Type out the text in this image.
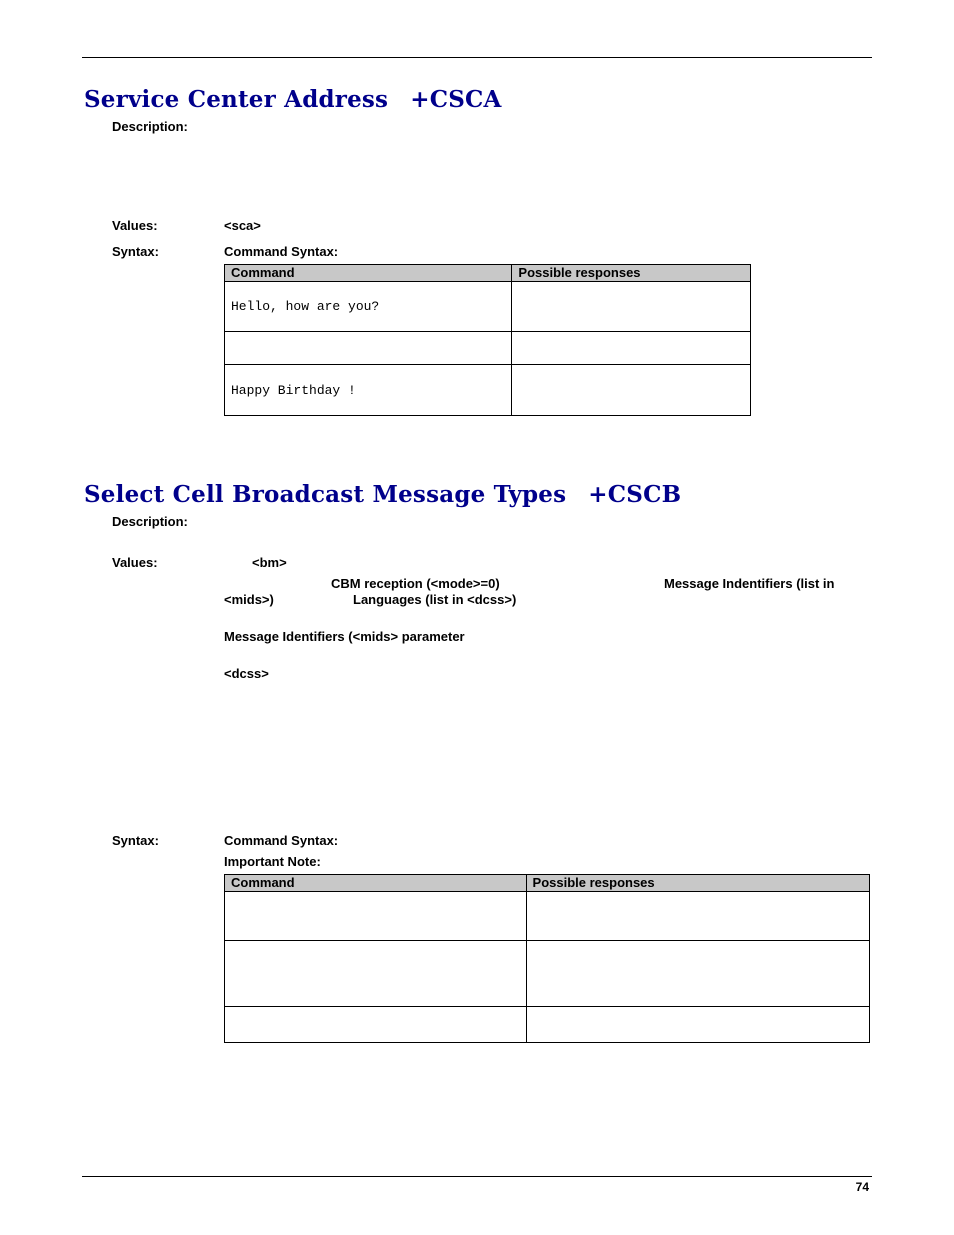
Service Center Address +CSCA
Description:
Values:	<sca>
Syntax:	Command Syntax:
Command	Possible responses
Hello, how are you?	

Happy Birthday !	
Select Cell Broadcast Message Types +CSCB
Description:
Values:	<bm>
CBM reception (<mode>=0)	Message Indentifiers (list in
<mids>)	Languages (list in <dcss>)
Message Identifiers (<mids> parameter
<dcss>
Syntax:	Command Syntax:
Important Note:
Command	Possible responses

74
